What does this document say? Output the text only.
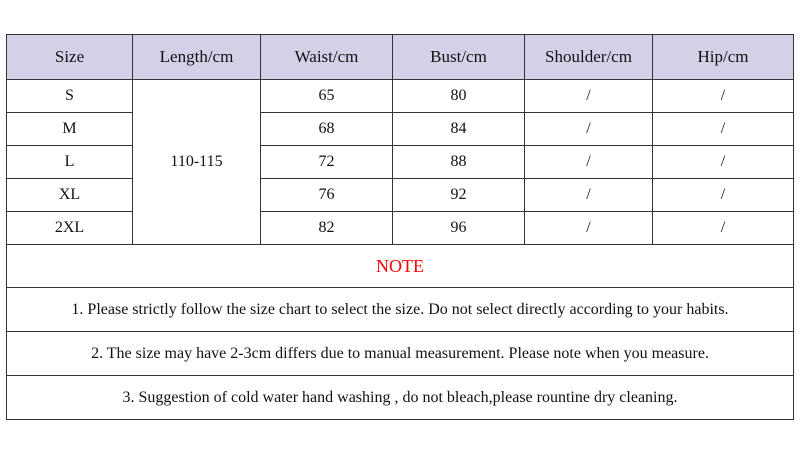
Size	Length/cm	Waist/cm	Bust/cm	Shoulder/cm	Hip/cm
S	110-115	65	80	/	/
M		68	84	/	/
L		72	88	/	/
XL		76	92	/	/
2XL		82	96	/	/
NOTE					
1. Please strictly follow the size chart to select the size. Do not select directly according to your habits.					
2. The size may have 2-3cm differs due to manual measurement. Please note when you measure.					
3. Suggestion of cold water hand washing , do not bleach,please rountine dry cleaning.					
